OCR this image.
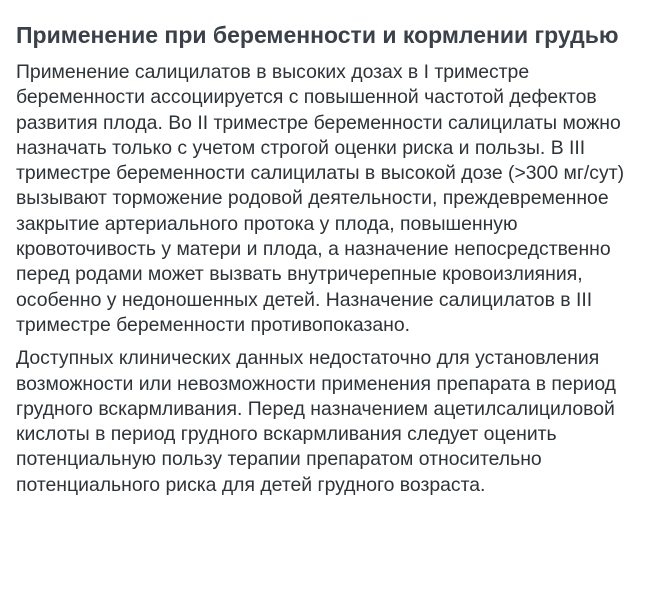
Применение при беременности и кормлении грудью

Применение салицилатов в высоких дозах в I триместре беременности ассоциируется с повышенной частотой дефектов развития плода. Во II триместре беременности салицилаты можно назначать только с учетом строгой оценки риска и пользы. В III триместре беременности салицилаты в высокой дозе (>300 мг/сут) вызывают торможение родовой деятельности, преждевременное закрытие артериального протока у плода, повышенную кровоточивость у матери и плода, а назначение непосредственно перед родами может вызвать внутричерепные кровоизлияния, особенно у недоношенных детей. Назначение салицилатов в III триместре беременности противопоказано.

Доступных клинических данных недостаточно для установления возможности или невозможности применения препарата в период грудного вскармливания. Перед назначением ацетилсалициловой кислоты в период грудного вскармливания следует оценить потенциальную пользу терапии препаратом относительно потенциального риска для детей грудного возраста.
